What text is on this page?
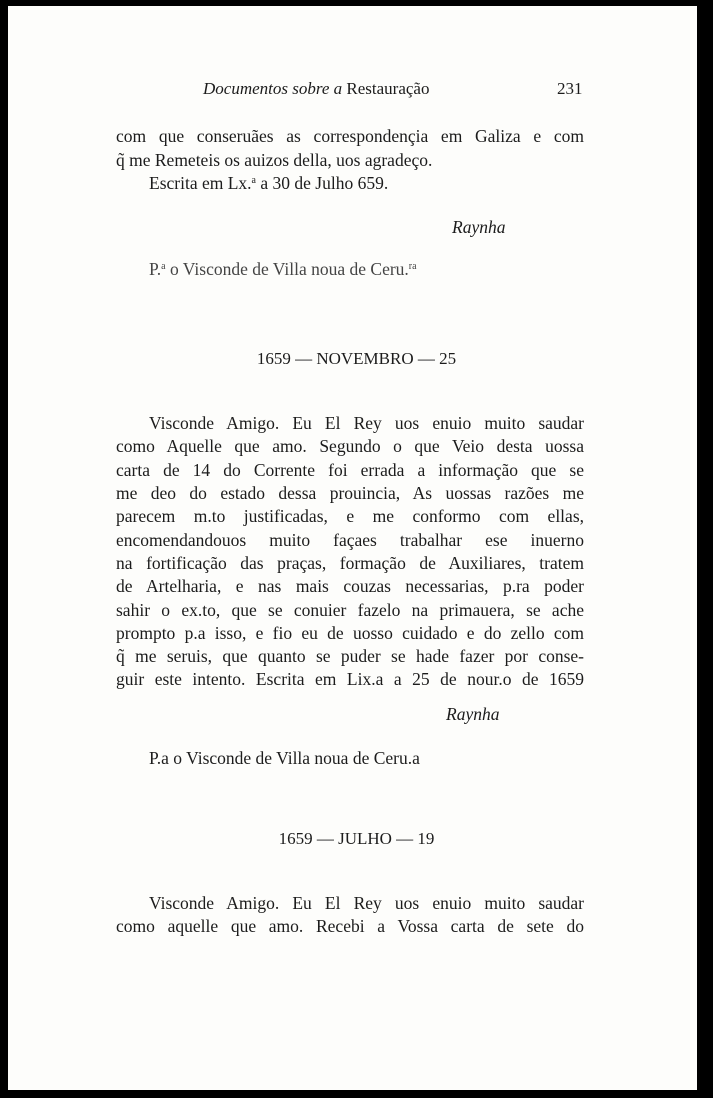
Documentos sobre a Restauração	231
com que conseruães as correspondençia em Galiza e com
q̃ me Remeteis os auizos della, uos agradeço.
Escrita em Lx.$^a$ a 30 de Julho 659.
Raynha
P.$^a$ o Visconde de Villa noua de Ceru.$^{ra}$
1659 — NOVEMBRO — 25
Visconde Amigo. Eu El Rey uos enuio muito saudar
como Aquelle que amo. Segundo o que Veio desta uossa
carta de 14 do Corrente foi errada a informação que se
me deo do estado dessa prouincia, As uossas razões me
parecem m.to justificadas, e me conformo com ellas,
encomendandouos muito façaes trabalhar ese inuerno
na fortificação das praças, formação de Auxiliares, tratem
de Artelharia, e nas mais couzas necessarias, p.ra poder
sahir o ex.to, que se conuier fazelo na primauera, se ache
prompto p.a isso, e fio eu de uosso cuidado e do zello com
q̃ me seruis, que quanto se puder se hade fazer por conse-
guir este intento. Escrita em Lix.a a 25 de nour.o de 1659
Raynha
P.a o Visconde de Villa noua de Ceru.a
1659 — JULHO — 19
Visconde Amigo. Eu El Rey uos enuio muito saudar
como aquelle que amo. Recebi a Vossa carta de sete do
